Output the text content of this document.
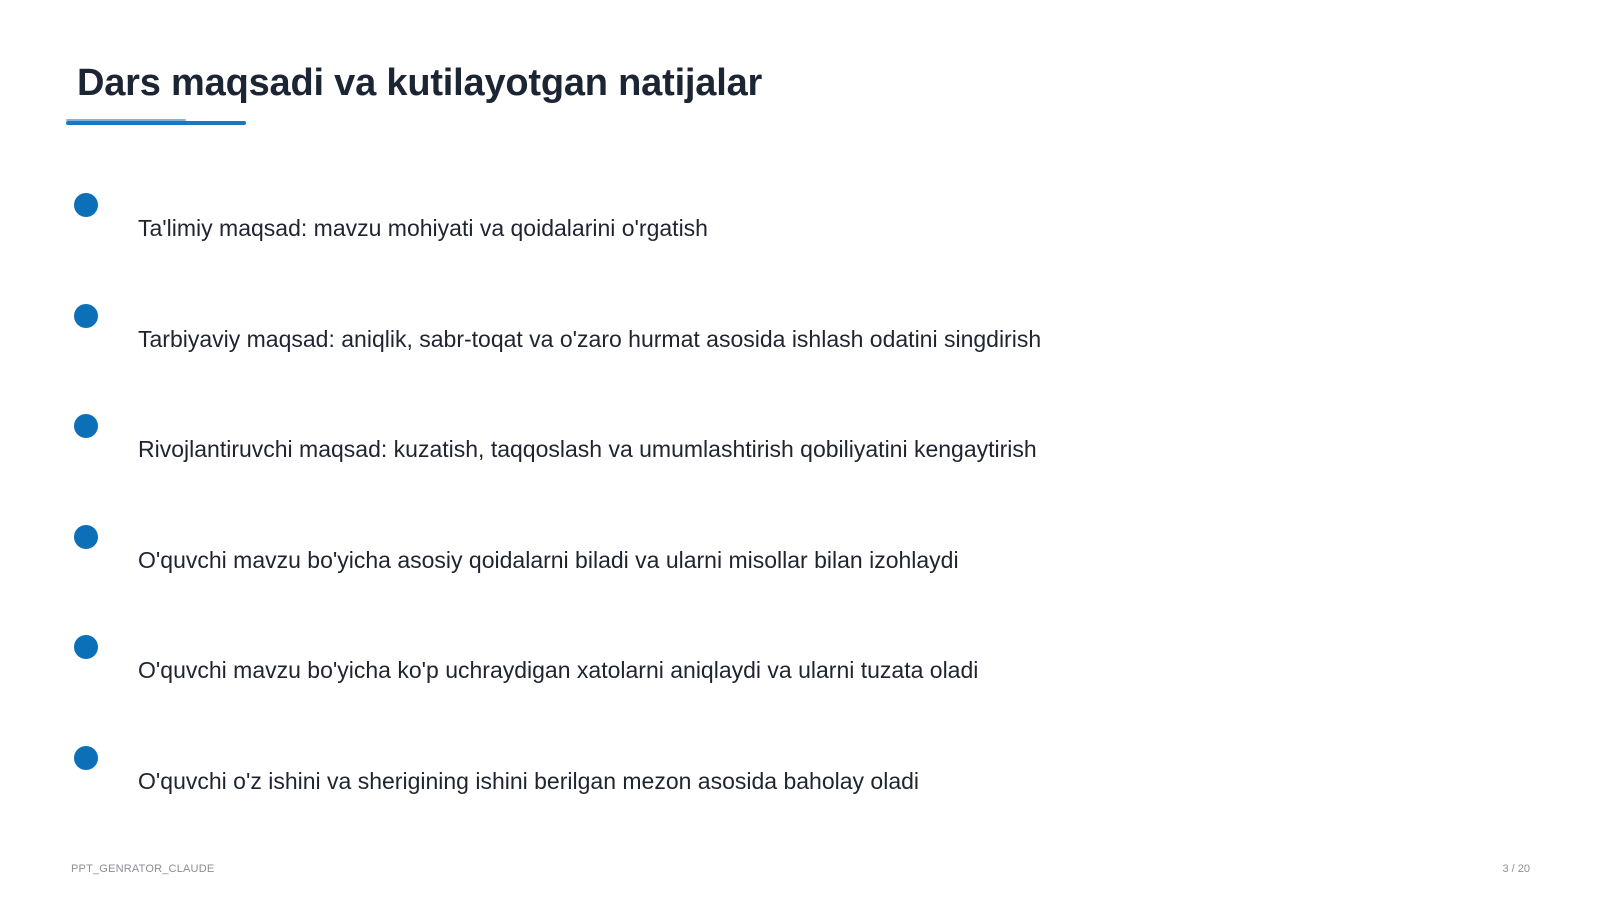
Dars maqsadi va kutilayotgan natijalar
Ta'limiy maqsad: mavzu mohiyati va qoidalarini o'rgatish
Tarbiyaviy maqsad: aniqlik, sabr-toqat va o'zaro hurmat asosida ishlash odatini singdirish
Rivojlantiruvchi maqsad: kuzatish, taqqoslash va umumlashtirish qobiliyatini kengaytirish
O'quvchi mavzu bo'yicha asosiy qoidalarni biladi va ularni misollar bilan izohlaydi
O'quvchi mavzu bo'yicha ko'p uchraydigan xatolarni aniqlaydi va ularni tuzata oladi
O'quvchi o'z ishini va sherigining ishini berilgan mezon asosida baholay oladi
PPT_GENRATOR_CLAUDE	3 / 20
